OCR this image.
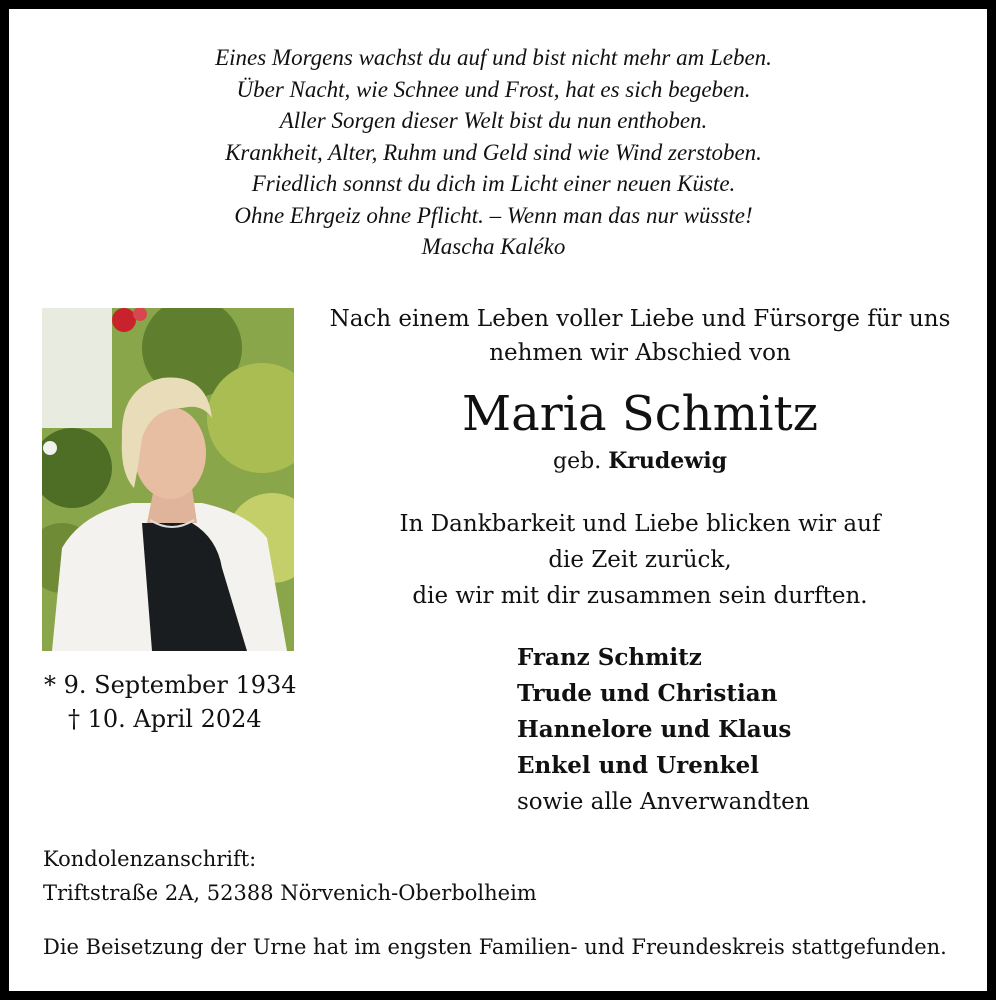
Eines Morgens wachst du auf und bist nicht mehr am Leben.
Über Nacht, wie Schnee und Frost, hat es sich begeben.
Aller Sorgen dieser Welt bist du nun enthoben.
Krankheit, Alter, Ruhm und Geld sind wie Wind zerstoben.
Friedlich sonnst du dich im Licht einer neuen Küste.
Ohne Ehrgeiz ohne Pflicht. – Wenn man das nur wüsste!
Mascha Kaléko
Nach einem Leben voller Liebe und Fürsorge für uns
nehmen wir Abschied von
Maria Schmitz
geb. Krudewig
In Dankbarkeit und Liebe blicken wir auf
die Zeit zurück,
die wir mit dir zusammen sein durften.
* 9. September 1934
† 10. April 2024
Franz Schmitz
Trude und Christian
Hannelore und Klaus
Enkel und Urenkel
sowie alle Anverwandten
Kondolenzanschrift:
Triftstraße 2A, 52388 Nörvenich-Oberbolheim
Die Beisetzung der Urne hat im engsten Familien- und Freundeskreis stattgefunden.
